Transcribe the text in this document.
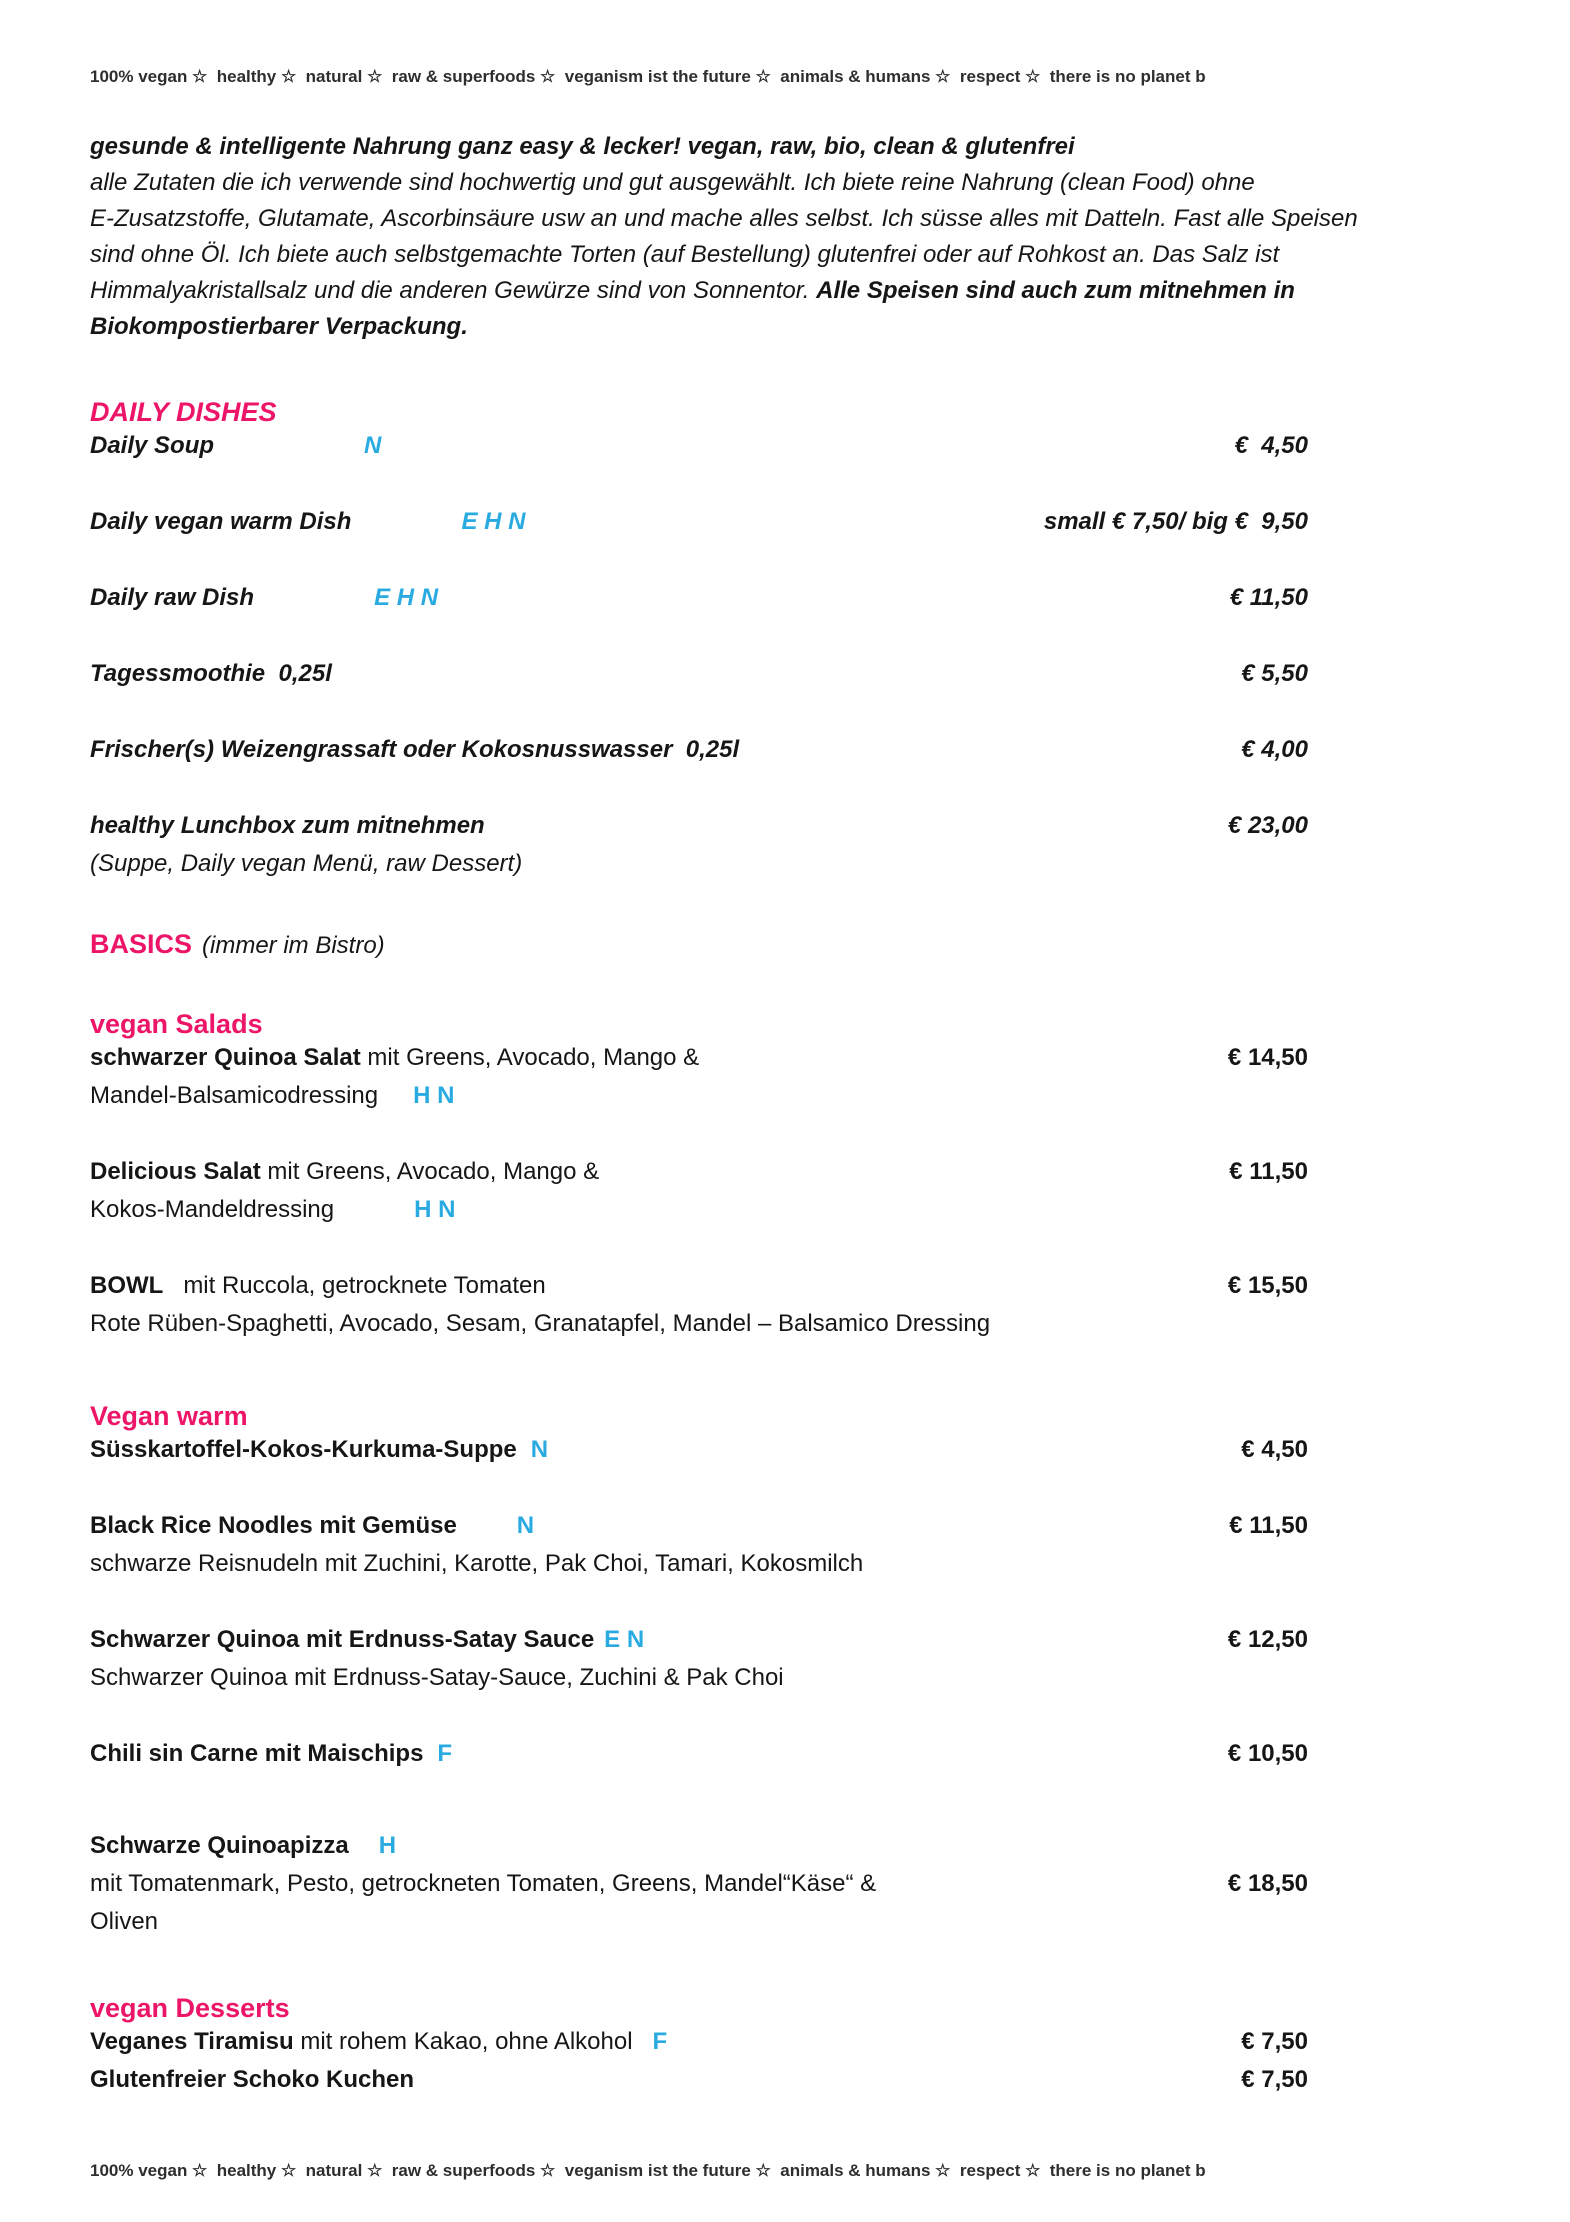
100% vegan ☆  healthy ☆  natural ☆  raw & superfoods ☆  veganism ist the future ☆  animals & humans ☆  respect ☆  there is no planet b
gesunde & intelligente Nahrung ganz easy & lecker! vegan, raw, bio, clean & glutenfrei
alle Zutaten die ich verwende sind hochwertig und gut ausgewählt. Ich biete reine Nahrung (clean Food) ohne
E-Zusatzstoffe, Glutamate, Ascorbinsäure usw an und mache alles selbst. Ich süsse alles mit Datteln. Fast alle Speisen
sind ohne Öl. Ich biete auch selbstgemachte Torten (auf Bestellung) glutenfrei oder auf Rohkost an. Das Salz ist
Himmalyakristallsalz und die anderen Gewürze sind von Sonnentor. Alle Speisen sind auch zum mitnehmen in
Biokompostierbarer Verpackung.
DAILY DISHES
Daily Soup	N	€  4,50
Daily vegan warm Dish	E H N	small € 7,50/ big €  9,50
Daily raw Dish	E H N	€ 11,50
Tagessmoothie  0,25l	€ 5,50
Frischer(s) Weizengrassaft oder Kokosnusswasser  0,25l	€ 4,00
healthy Lunchbox zum mitnehmen	€ 23,00
(Suppe, Daily vegan Menü, raw Dessert)
BASICS (immer im Bistro)
vegan Salads
schwarzer Quinoa Salat mit Greens, Avocado, Mango &	€ 14,50
Mandel-Balsamicodressing H N
Delicious Salat mit Greens, Avocado, Mango &	€ 11,50
Kokos-Mandeldressing	H N
BOWL mit Ruccola, getrocknete Tomaten	€ 15,50
Rote Rüben-Spaghetti, Avocado, Sesam, Granatapfel, Mandel – Balsamico Dressing
Vegan warm
Süsskartoffel-Kokos-Kurkuma-Suppe N	€ 4,50
Black Rice Noodles mit Gemüse	N	€ 11,50
schwarze Reisnudeln mit Zuchini, Karotte, Pak Choi, Tamari, Kokosmilch
Schwarzer Quinoa mit Erdnuss-Satay Sauce E N	€ 12,50
Schwarzer Quinoa mit Erdnuss-Satay-Sauce, Zuchini & Pak Choi
Chili sin Carne mit Maischips F	€ 10,50
Schwarze Quinoapizza H
mit Tomatenmark, Pesto, getrockneten Tomaten, Greens, Mandel“Käse“ &	€ 18,50
Oliven
vegan Desserts
Veganes Tiramisu mit rohem Kakao, ohne Alkohol F	€ 7,50
Glutenfreier Schoko Kuchen	€ 7,50
100% vegan ☆  healthy ☆  natural ☆  raw & superfoods ☆  veganism ist the future ☆  animals & humans ☆  respect ☆  there is no planet b
